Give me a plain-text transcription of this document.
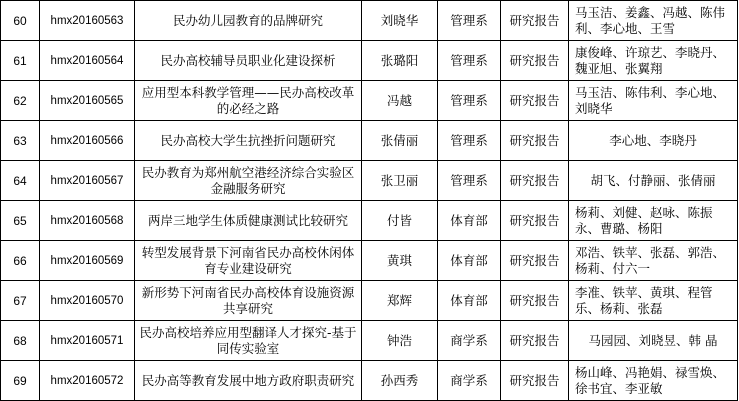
60	hmx20160563	民办幼儿园教育的品牌研究	刘晓华	管理系	研究报告	马玉洁、姜鑫、冯越、陈伟利、李心地、王雪
61	hmx20160564	民办高校辅导员职业化建设探析	张璐阳	管理系	研究报告	康俊峰、许琼艺、李晓丹、魏亚旭、张翼翔
62	hmx20160565	应用型本科教学管理——民办高校改革的必经之路	冯越	管理系	研究报告	马玉洁、陈伟利、李心地、刘晓华
63	hmx20160566	民办高校大学生抗挫折问题研究	张倩丽	管理系	研究报告	李心地、李晓丹
64	hmx20160567	民办教育为郑州航空港经济综合实验区金融服务研究	张卫丽	管理系	研究报告	胡飞、付静丽、张倩丽
65	hmx20160568	两岸三地学生体质健康测试比较研究	付皆	体育部	研究报告	杨莉、刘健、赵咏、陈振永、曹璐、杨阳
66	hmx20160569	转型发展背景下河南省民办高校休闲体育专业建设研究	黄琪	体育部	研究报告	邓浩、铁苹、张磊、郭浩、杨莉、付六一
67	hmx20160570	新形势下河南省民办高校体育设施资源共享研究	郑辉	体育部	研究报告	李准、铁苹、黄琪、程管乐、杨莉、张磊
68	hmx20160571	民办高校培养应用型翻译人才探究-基于同传实验室	钟浩	商学系	研究报告	马园园、刘晓昱、韩 晶
69	hmx20160572	民办高等教育发展中地方政府职责研究	孙西秀	商学系	研究报告	杨山峰、冯艳娟、禄雪焕、徐书宜、李亚敏
